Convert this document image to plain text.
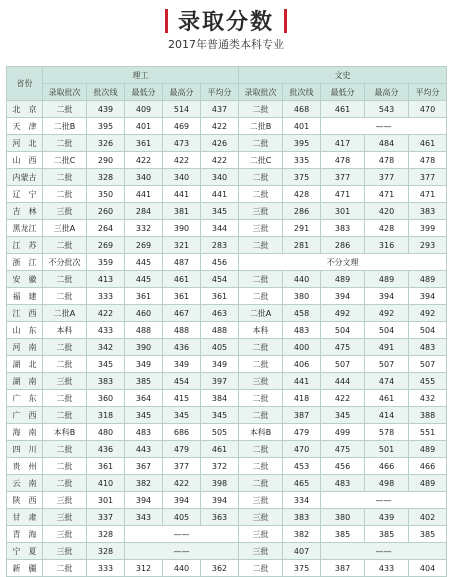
录取分数
2017年普通类本科专业
省份	理工					文史				
	录取批次	批次线	最低分	最高分	平均分	录取批次	批次线	最低分	最高分	平均分
北　京	二批	439	409	514	437	二批	468	461	543	470
天　津	二批B	395	401	469	422	二批B	401	——		
河　北	二批	326	361	473	426	二批	395	417	484	461
山　西	二批C	290	422	422	422	二批C	335	478	478	478
内蒙古	二批	328	340	340	340	二批	375	377	377	377
辽　宁	二批	350	441	441	441	二批	428	471	471	471
吉　林	三批	260	284	381	345	三批	286	301	420	383
黑龙江	三批A	264	332	390	344	三批	291	383	428	399
江　苏	二批	269	269	321	283	二批	281	286	316	293
浙　江	不分批次	359	445	487	456	不分文理				
安　徽	二批	413	445	461	454	二批	440	489	489	489
福　建	二批	333	361	361	361	二批	380	394	394	394
江　西	二批A	422	460	467	463	二批A	458	492	492	492
山　东	本科	433	488	488	488	本科	483	504	504	504
河　南	二批	342	390	436	405	二批	400	475	491	483
湖　北	二批	345	349	349	349	二批	406	507	507	507
湖　南	三批	383	385	454	397	三批	441	444	474	455
广　东	二批	360	364	415	384	二批	418	422	461	432
广　西	二批	318	345	345	345	二批	387	345	414	388
海　南	本科B	480	483	686	505	本科B	479	499	578	551
四　川	二批	436	443	479	461	二批	470	475	501	489
贵　州	二批	361	367	377	372	二批	453	456	466	466
云　南	二批	410	382	422	398	二批	465	483	498	489
陕　西	三批	301	394	394	394	三批	334	——		
甘　肃	三批	337	343	405	363	三批	383	380	439	402
青　海	三批	328	——			三批	382	385	385	385
宁　夏	三批	328	——			三批	407	——		
新　疆	二批	333	312	440	362	二批	375	387	433	404
